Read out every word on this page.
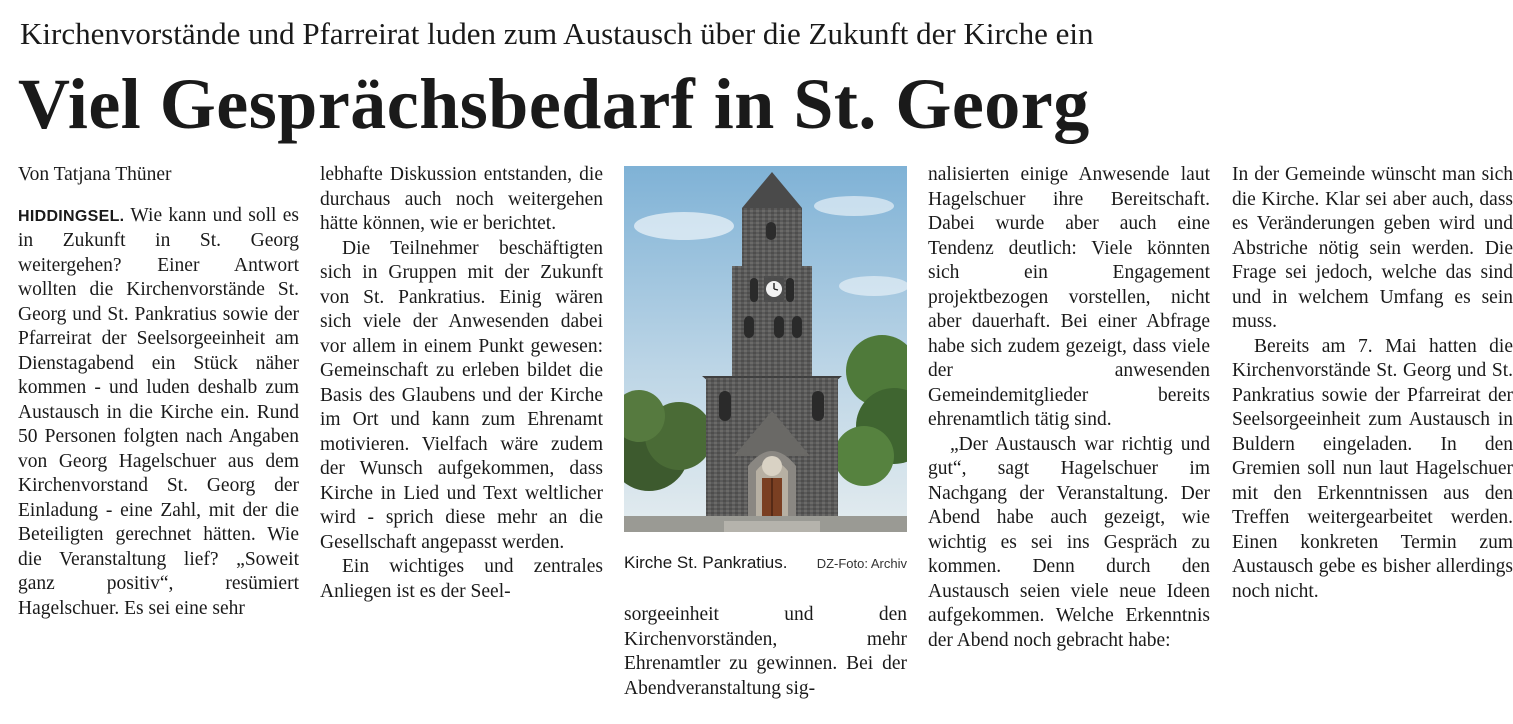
Kirchenvorstände und Pfarreirat luden zum Austausch über die Zukunft der Kirche ein
Viel Gesprächsbedarf in St. Georg

Von Tatjana Thüner

HIDDINGSEL. Wie kann und soll es in Zukunft in St. Georg weitergehen? Einer Antwort wollten die Kirchenvorstände St. Georg und St. Pankratius sowie der Pfarreirat der Seelsorgeeinheit am Dienstagabend ein Stück näher kommen - und luden deshalb zum Austausch in die Kirche ein. Rund 50 Personen folgten nach Angaben von Georg Hagelschuer aus dem Kirchenvorstand St. Georg der Einladung - eine Zahl, mit der die Beteiligten gerechnet hätten. Wie die Veranstaltung lief? „Soweit ganz positiv“, resümiert Hagelschuer. Es sei eine sehr

lebhafte Diskussion entstanden, die durchaus auch noch weitergehen hätte können, wie er berichtet.

Die Teilnehmer beschäftigten sich in Gruppen mit der Zukunft von St. Pankratius. Einig wären sich viele der Anwesenden dabei vor allem in einem Punkt gewesen: Gemeinschaft zu erleben bildet die Basis des Glaubens und der Kirche im Ort und kann zum Ehrenamt motivieren. Vielfach wäre zudem der Wunsch aufgekommen, dass Kirche in Lied und Text weltlicher wird - sprich diese mehr an die Gesellschaft angepasst werden.

Ein wichtiges und zentrales Anliegen ist es der Seel-

Kirche St. Pankratius. DZ-Foto: Archiv

sorgeeinheit und den Kirchenvorständen, mehr Ehrenamtler zu gewinnen. Bei der Abendveranstaltung sig-

nalisierten einige Anwesende laut Hagelschuer ihre Bereitschaft. Dabei wurde aber auch eine Tendenz deutlich: Viele könnten sich ein Engagement projektbezogen vorstellen, nicht aber dauerhaft. Bei einer Abfrage habe sich zudem gezeigt, dass viele der anwesenden Gemeindemitglieder bereits ehrenamtlich tätig sind.

„Der Austausch war richtig und gut“, sagt Hagelschuer im Nachgang der Veranstaltung. Der Abend habe auch gezeigt, wie wichtig es sei ins Gespräch zu kommen. Denn durch den Austausch seien viele neue Ideen aufgekommen. Welche Erkenntnis der Abend noch gebracht habe:

In der Gemeinde wünscht man sich die Kirche. Klar sei aber auch, dass es Veränderungen geben wird und Abstriche nötig sein werden. Die Frage sei jedoch, welche das sind und in welchem Umfang es sein muss.

Bereits am 7. Mai hatten die Kirchenvorstände St. Georg und St. Pankratius sowie der Pfarreirat der Seelsorgeeinheit zum Austausch in Buldern eingeladen. In den Gremien soll nun laut Hagelschuer mit den Erkenntnissen aus den Treffen weitergearbeitet werden. Einen konkreten Termin zum Austausch gebe es bisher allerdings noch nicht.
